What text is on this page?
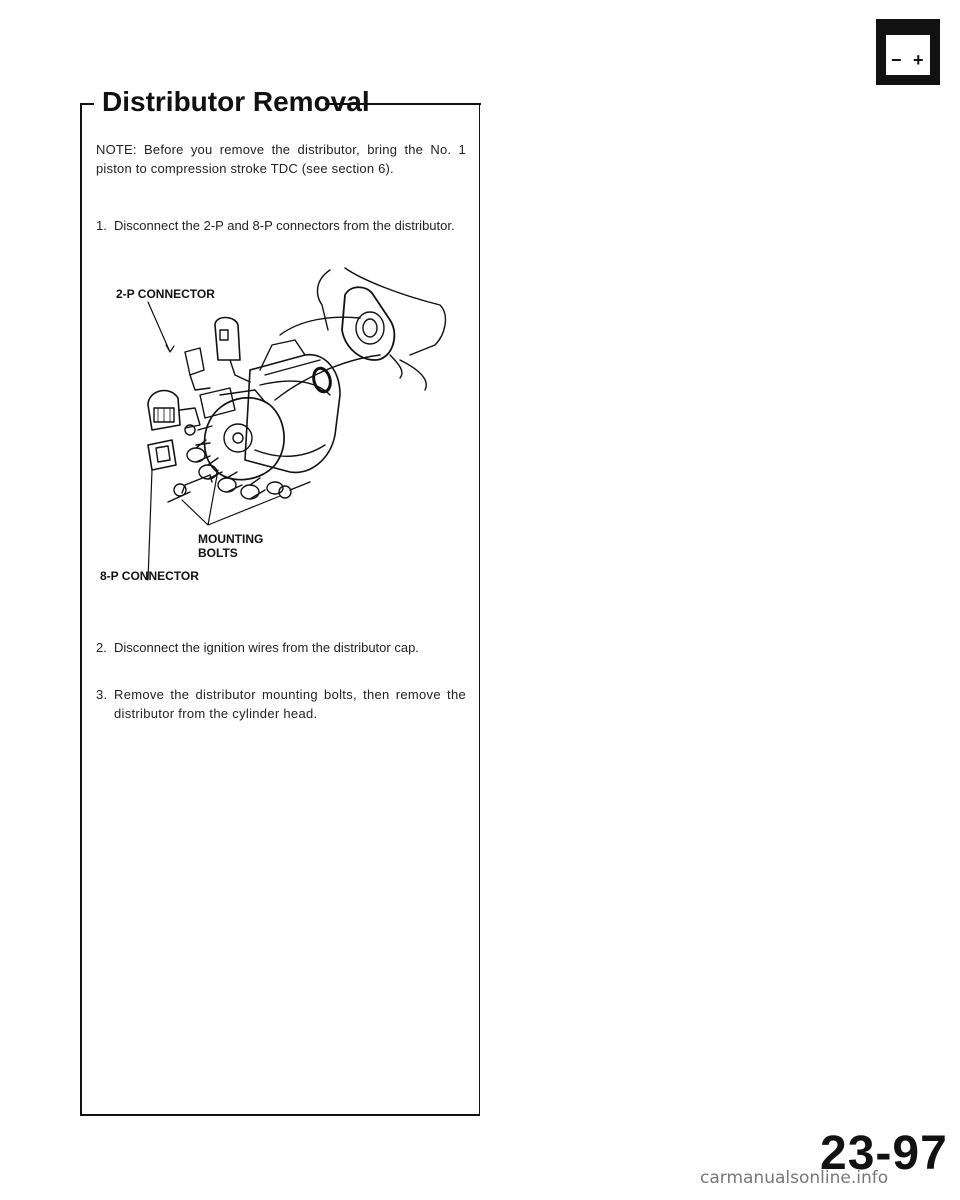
− +
Distributor Removal
NOTE: Before you remove the distributor, bring the No. 1 piston to compression stroke TDC (see section 6).
1. Disconnect the 2-P and 8-P connectors from the distributor.
2-P CONNECTOR
MOUNTING
BOLTS
8-P CONNECTOR
2. Disconnect the ignition wires from the distributor cap.
3. Remove the distributor mounting bolts, then remove the distributor from the cylinder head.
23-97
carmanualsonline.info
